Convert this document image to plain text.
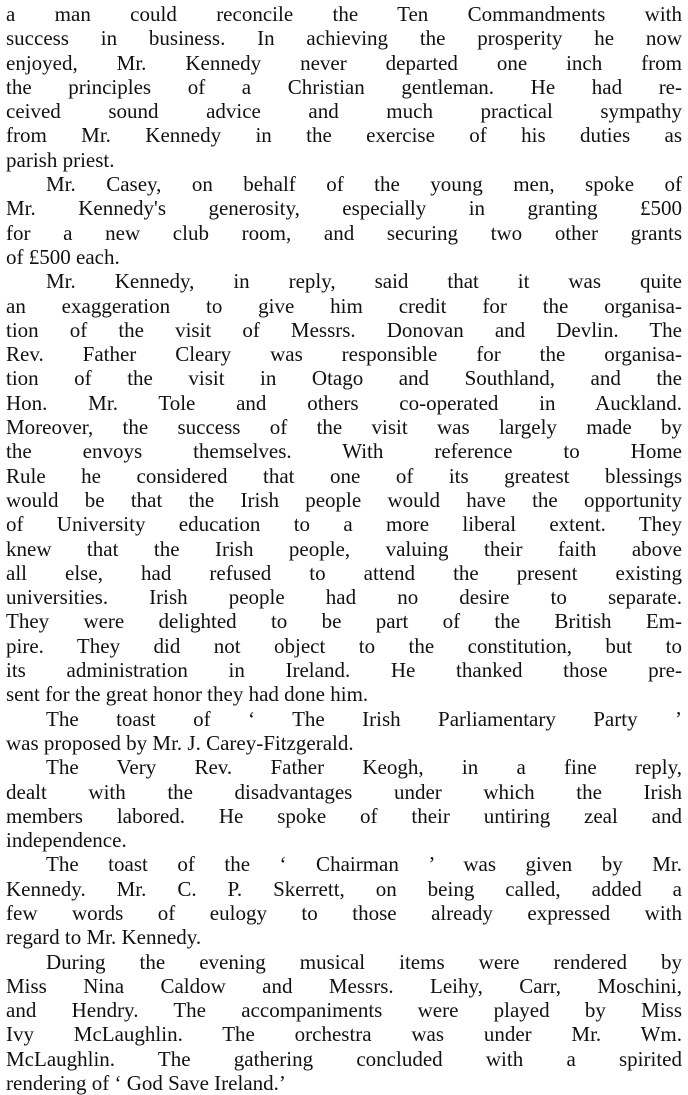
a man could reconcile the Ten Commandments with
success in business. In achieving the prosperity he now
enjoyed, Mr. Kennedy never departed one inch from
the principles of a Christian gentleman. He had re-
ceived sound advice and much practical sympathy
from Mr. Kennedy in the exercise of his duties as
parish priest.

Mr. Casey, on behalf of the young men, spoke of
Mr. Kennedy's generosity, especially in granting £500
for a new club room, and securing two other grants
of £500 each.

Mr. Kennedy, in reply, said that it was quite
an exaggeration to give him credit for the organisa-
tion of the visit of Messrs. Donovan and Devlin. The
Rev. Father Cleary was responsible for the organisa-
tion of the visit in Otago and Southland, and the
Hon. Mr. Tole and others co-operated in Auckland.
Moreover, the success of the visit was largely made by
the envoys themselves. With reference to Home
Rule he considered that one of its greatest blessings
would be that the Irish people would have the opportunity
of University education to a more liberal extent. They
knew that the Irish people, valuing their faith above
all else, had refused to attend the present existing
universities. Irish people had no desire to separate.
They were delighted to be part of the British Em-
pire. They did not object to the constitution, but to
its administration in Ireland. He thanked those pre-
sent for the great honor they had done him.

The toast of ‘ The Irish Parliamentary Party ’
was proposed by Mr. J. Carey-Fitzgerald.

The Very Rev. Father Keogh, in a fine reply,
dealt with the disadvantages under which the Irish
members labored. He spoke of their untiring zeal and
independence.

The toast of the ‘ Chairman ’ was given by Mr.
Kennedy. Mr. C. P. Skerrett, on being called, added a
few words of eulogy to those already expressed with
regard to Mr. Kennedy.

During the evening musical items were rendered by
Miss Nina Caldow and Messrs. Leihy, Carr, Moschini,
and Hendry. The accompaniments were played by Miss
Ivy McLaughlin. The orchestra was under Mr. Wm.
McLaughlin. The gathering concluded with a spirited
rendering of ‘ God Save Ireland.’
